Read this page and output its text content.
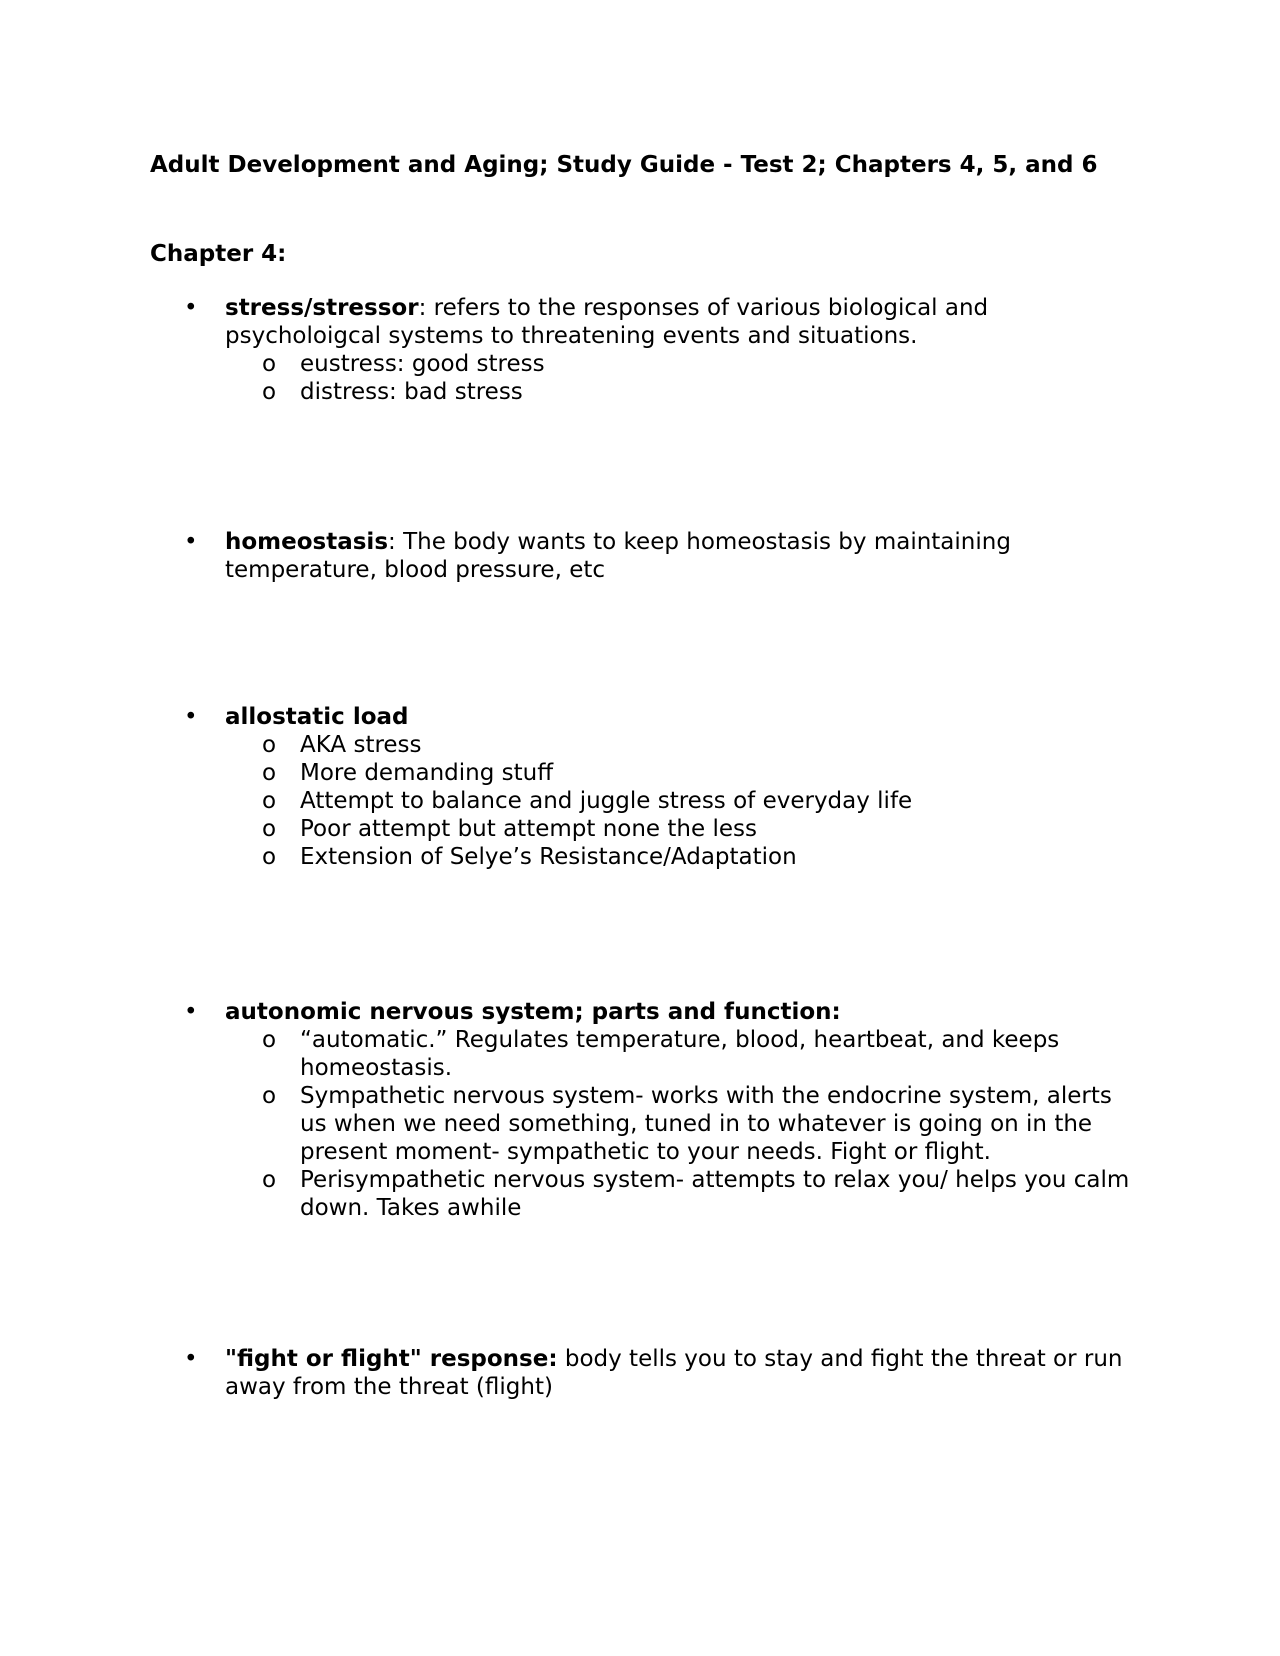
Adult Development and Aging; Study Guide - Test 2; Chapters 4, 5, and 6
Chapter 4:
• stress/stressor: refers to the responses of various biological and psycholoigcal systems to threatening events and situations.
o eustress: good stress
o distress: bad stress
• homeostasis: The body wants to keep homeostasis by maintaining temperature, blood pressure, etc
• allostatic load
o AKA stress
o More demanding stuff
o Attempt to balance and juggle stress of everyday life
o Poor attempt but attempt none the less
o Extension of Selye’s Resistance/Adaptation
• autonomic nervous system; parts and function:
o “automatic.” Regulates temperature, blood, heartbeat, and keeps homeostasis.
o Sympathetic nervous system- works with the endocrine system, alerts us when we need something, tuned in to whatever is going on in the present moment- sympathetic to your needs. Fight or flight.
o Perisympathetic nervous system- attempts to relax you/ helps you calm down. Takes awhile
• "fight or flight" response: body tells you to stay and fight the threat or run away from the threat (flight)
